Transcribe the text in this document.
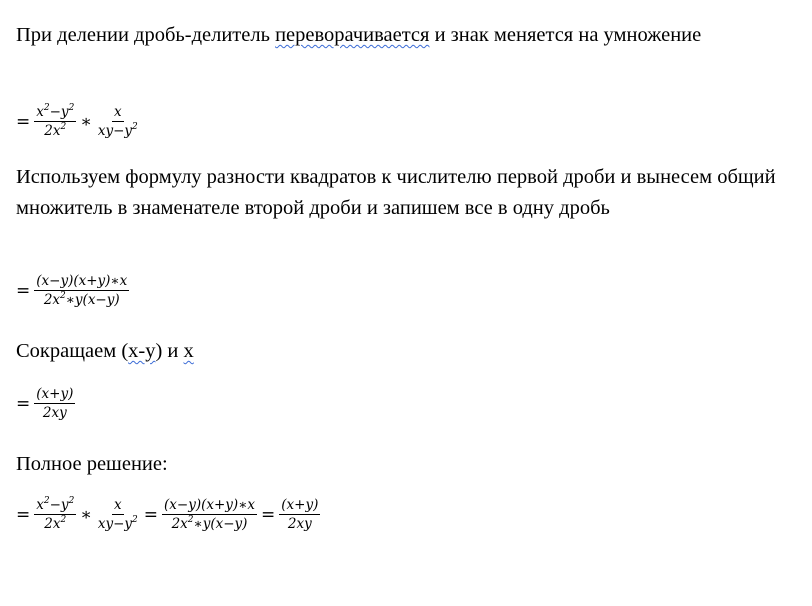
При делении дробь-делитель переворачивается и знак меняется на умножение

= $\frac{x^2-y^2}{2x^2}$ ∗ $\frac{x}{xy-y^2}$

Используем формулу разности квадратов к числителю первой дроби и вынесем общий множитель в знаменателе второй дроби и запишем все в одну дробь

= $\frac{(x-y)(x+y)∗x}{2x^2∗y(x-y)}$

Сокращаем (х-у) и х

= $\frac{(x+y)}{2xy}$

Полное решение:

= $\frac{x^2-y^2}{2x^2}$ ∗ $\frac{x}{xy-y^2} = \frac{(x-y)(x+y)∗x}{2x^2∗y(x-y)} = \frac{(x+y)}{2xy}$
